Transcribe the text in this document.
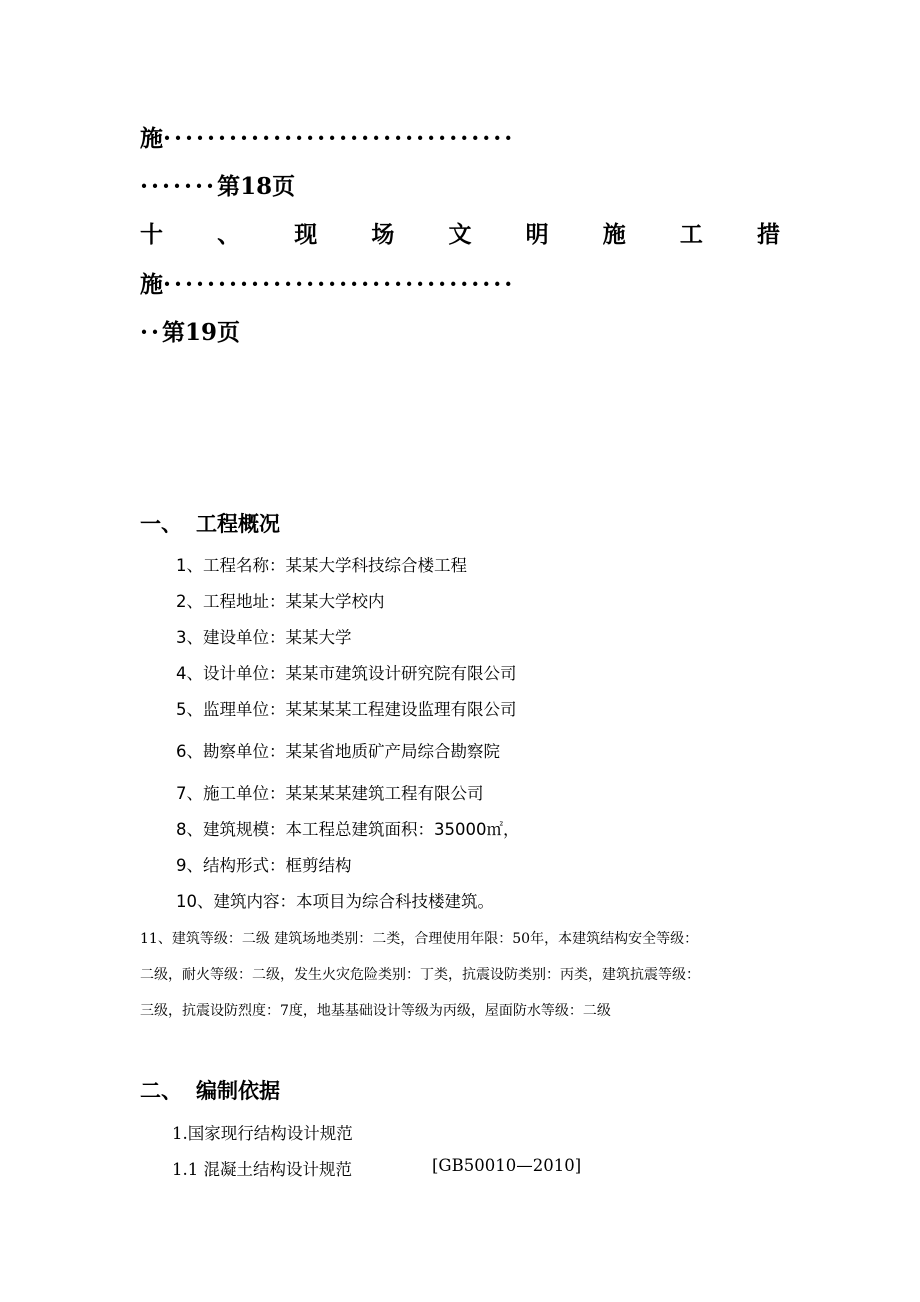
施································
·······第18页
十 、 现 场 文 明 施 工 措
施································
··第19页
一、 工程概况
1、工程名称：某某大学科技综合楼工程
2、工程地址：某某大学校内
3、建设单位：某某大学
4、设计单位：某某市建筑设计研究院有限公司
5、监理单位：某某某某工程建设监理有限公司
6、勘察单位：某某省地质矿产局综合勘察院
7、施工单位：某某某某建筑工程有限公司
8、建筑规模：本工程总建筑面积：35000㎡，
9、结构形式：框剪结构
10、建筑内容：本项目为综合科技楼建筑。
11、建筑等级：二级 建筑场地类别：二类，合理使用年限：50年，本建筑结构安全等级：
二级，耐火等级：二级，发生火灾危险类别：丁类，抗震设防类别：丙类，建筑抗震等级：
三级，抗震设防烈度：7度，地基基础设计等级为丙级，屋面防水等级：二级
二、 编制依据
1.国家现行结构设计规范
1.1 混凝土结构设计规范	[GB50010—2010]
